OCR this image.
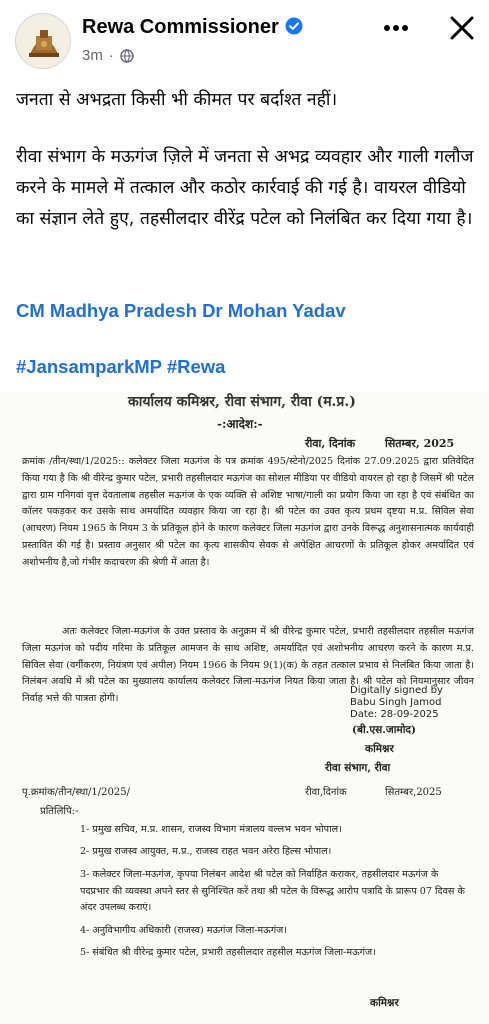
Rewa Commissioner
3m ·
जनता से अभद्रता किसी भी कीमत पर बर्दाश्त नहीं।
रीवा संभाग के मऊगंज ज़िले में जनता से अभद्र व्यवहार और गाली गलौज करने के मामले में तत्काल और कठोर कार्रवाई की गई है। वायरल वीडियो का संज्ञान लेते हुए, तहसीलदार वीरेंद्र पटेल को निलंबित कर दिया गया है।
CM Madhya Pradesh Dr Mohan Yadav
#JansamparkMP #Rewa
कार्यालय कमिश्नर, रीवा संभाग, रीवा (म.प्र.)
-:आदेश:-
रीवा, दिनांक	सितम्बर, 2025
क्रमांक /तीन/स्था/1/2025:: कलेक्टर जिला मऊगंज के पत्र क्रमांक 495/स्टेनो/2025 दिनांक 27.09.2025 द्वारा प्रतिवेदित किया गया है कि श्री वीरेन्द्र कुमार पटेल, प्रभारी तहसीलदार मऊगंज का सोशल मीडिया पर वीडियो वायरल हो रहा है जिसमें श्री पटेल द्वारा ग्राम गनिगवां वृत्त देवतालाब तहसील मऊगंज के एक व्यक्ति से अशिष्ट भाषा/गाली का प्रयोग किया जा रहा है एवं संबंधित का कॉलर पकड़कर कर उसके साथ अमर्यादित व्यवहार किया जा रहा है। श्री पटेल का उक्त कृत्य प्रथम दृष्टया म.प्र. सिविल सेवा (आचरण) नियम 1965 के नियम 3 के प्रतिकूल होने के कारण कलेक्टर जिला मऊगंज द्वारा उनके विरूद्ध अनुशासनात्मक कार्यवाही प्रस्तावित की गई है। प्रस्ताव अनुसार श्री पटेल का कृत्य शासकीय सेवक से अपेक्षित आचरणों के प्रतिकूल होकर अमर्यादित एवं अशोभनीय है,जो गंभीर कदाचरण की श्रेणी में आता है।
अतः कलेक्टर जिला-मऊगंज के उक्त प्रस्ताव के अनुक्रम में श्री वीरेन्द्र कुमार पटेल, प्रभारी तहसीलदार तहसील मऊगंज जिला मऊगंज को पदीय गरिमा के प्रतिकूल आमजन के साथ अशिष्ट, अमर्यादित एवं अशोभनीय आचरण करने के कारण म.प्र. सिविल सेवा (वर्गीकरण, नियंत्रण एवं अपील) नियम 1966 के नियम 9(1)(क) के तहत तत्काल प्रभाव से निलंबित किया जाता है। निलंबन अवधि में श्री पटेल का मुख्यालय कार्यालय कलेक्टर जिला-मऊगंज नियत किया जाता है। श्री पटेल को नियमानुसार जीवन निर्वाह भत्ते की पात्रता होगी।
Digitally signed by
Babu Singh Jamod
Date: 28-09-2025
(बी.एस.जामोद)
कमिश्नर
रीवा संभाग, रीवा
पृ.क्रमांक/तीन/स्था/1/2025/	रीवा,दिनांक	सितम्बर,2025
प्रतिलिपि:-
1- प्रमुख सचिव, म.प्र. शासन, राजस्व विभाग मंत्रालय वल्लभ भवन भोपाल।
2- प्रमुख राजस्व आयुक्त, म.प्र., राजस्व राहत भवन अरेरा हिल्स भोपाल।
3- कलेक्टर जिला-मऊगंज, कृपया निलंबन आदेश श्री पटेल को निर्वाहित कराकर, तहसीलदार मऊगंज के पदप्रभार की व्यवस्था अपने स्तर से सुनिश्चित करें तथा श्री पटेल के विरूद्ध आरोप पत्रादि के प्रारूप 07 दिवस के अंदर उपलब्ध कराएं।
4- अनुविभागीय अधिकारी (राजस्व) मऊगंज जिला-मऊगंज।
5- संबंधित श्री वीरेन्द्र कुमार पटेल, प्रभारी तहसीलदार तहसील मऊगंज जिला-मऊगंज।
कमिश्नर
